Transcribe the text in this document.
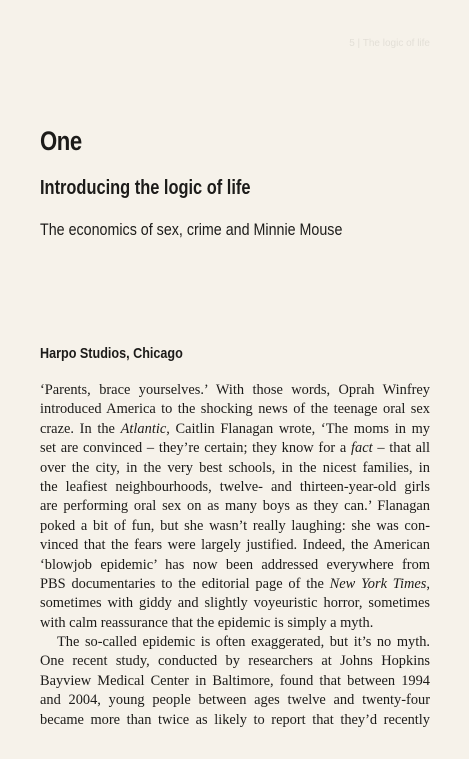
5 | The logic of life
One
Introducing the logic of life
The economics of sex, crime and Minnie Mouse
Harpo Studios, Chicago
‘Parents, brace yourselves.’ With those words, Oprah Winfrey
introduced America to the shocking news of the teenage oral sex
craze. In the Atlantic, Caitlin Flanagan wrote, ‘The moms in my
set are convinced – they’re certain; they know for a fact – that all
over the city, in the very best schools, in the nicest families, in
the leafiest neighbourhoods, twelve- and thirteen-year-old girls
are performing oral sex on as many boys as they can.’ Flanagan
poked a bit of fun, but she wasn’t really laughing: she was con-
vinced that the fears were largely justified. Indeed, the American
‘blowjob epidemic’ has now been addressed everywhere from
PBS documentaries to the editorial page of the New York Times,
sometimes with giddy and slightly voyeuristic horror, sometimes
with calm reassurance that the epidemic is simply a myth.
The so-called epidemic is often exaggerated, but it’s no myth.
One recent study, conducted by researchers at Johns Hopkins
Bayview Medical Center in Baltimore, found that between 1994
and 2004, young people between ages twelve and twenty-four
became more than twice as likely to report that they’d recently
